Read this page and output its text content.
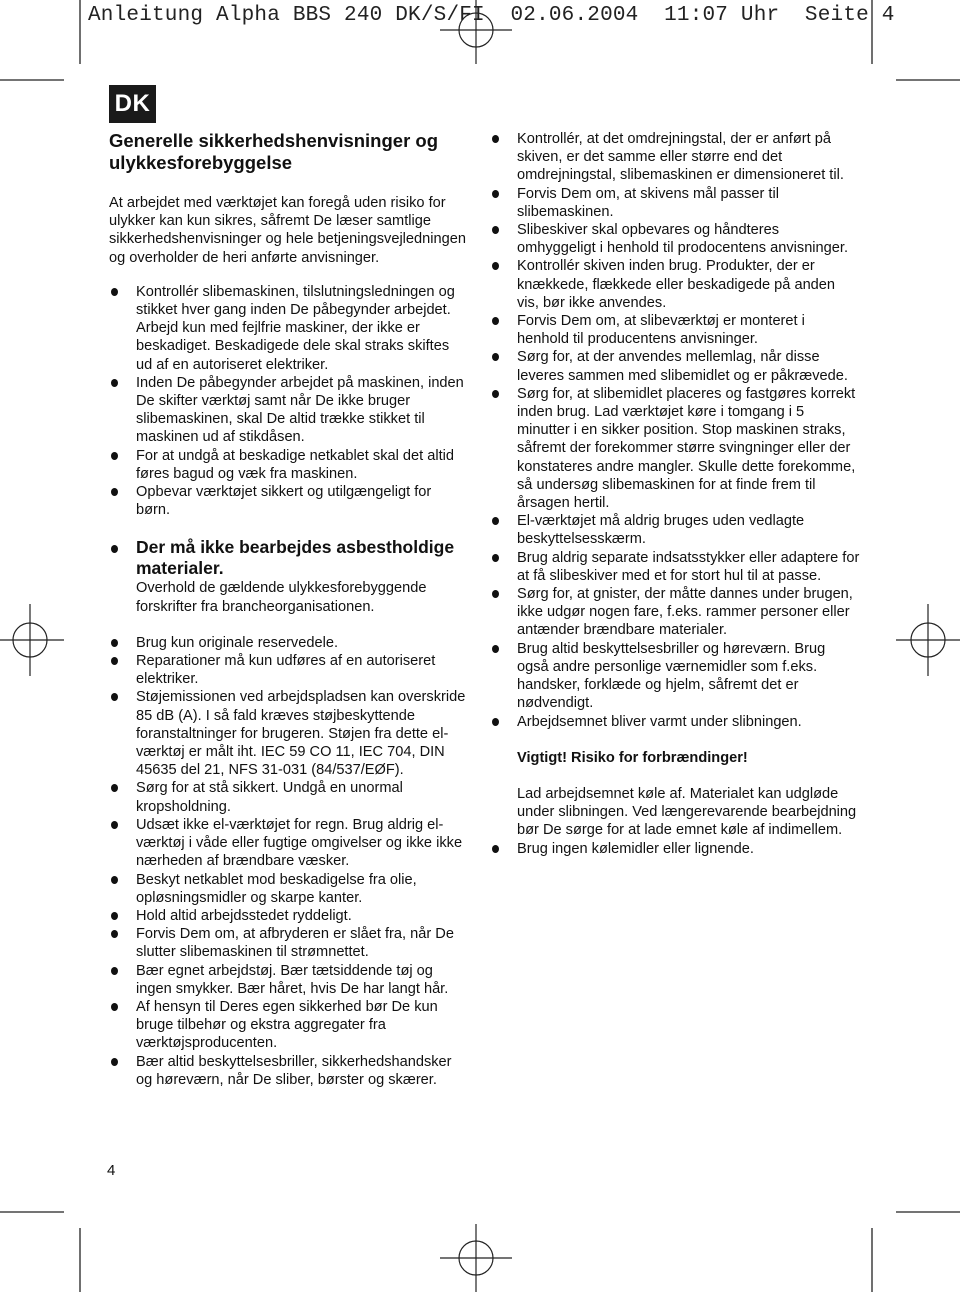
Anleitung Alpha BBS 240 DK/S/FI  02.06.2004  11:07 Uhr  Seite 4
DK
Generelle sikkerhedshenvisninger og ulykkesforebyggelse

At arbejdet med værktøjet kan foregå uden risiko for ulykker kan kun sikres, såfremt De læser samtlige sikkerhedshenvisninger og hele betjeningsvejledningen og overholder de heri anførte anvisninger.

Kontrollér slibemaskinen, tilslutningsledningen og stikket hver gang inden De påbegynder arbejdet. Arbejd kun med fejlfrie maskiner, der ikke er beskadiget. Beskadigede dele skal straks skiftes ud af en autoriseret elektriker.
Inden De påbegynder arbejdet på maskinen, inden De skifter værktøj samt når De ikke bruger slibemaskinen, skal De altid trække stikket til maskinen ud af stikdåsen.
For at undgå at beskadige netkablet skal det altid føres bagud og væk fra maskinen.
Opbevar værktøjet sikkert og utilgængeligt for børn.
Der må ikke bearbejdes asbestholdige materialer.
Overhold de gældende ulykkesforebyggende forskrifter fra brancheorganisationen.
Brug kun originale reservedele.
Reparationer må kun udføres af en autoriseret elektriker.
Støjemissionen ved arbejdspladsen kan overskride 85 dB (A). I så fald kræves støjbeskyttende foranstaltninger for brugeren. Støjen fra dette el-værktøj er målt iht. IEC 59 CO 11, IEC 704, DIN 45635 del 21, NFS 31-031 (84/537/EØF).
Sørg for at stå sikkert. Undgå en unormal kropsholdning.
Udsæt ikke el-værktøjet for regn. Brug aldrig el-værktøj i våde eller fugtige omgivelser og ikke ikke nærheden af brændbare væsker.
Beskyt netkablet mod beskadigelse fra olie, opløsningsmidler og skarpe kanter.
Hold altid arbejdsstedet ryddeligt.
Forvis Dem om, at afbryderen er slået fra, når De slutter slibemaskinen til strømnettet.
Bær egnet arbejdstøj. Bær tætsiddende tøj og ingen smykker. Bær håret, hvis De har langt hår.
Af hensyn til Deres egen sikkerhed bør De kun bruge tilbehør og ekstra aggregater fra værktøjsproducenten.
Bær altid beskyttelsesbriller, sikkerhedshandsker og høreværn, når De sliber, børster og skærer.
Kontrollér, at det omdrejningstal, der er anført på skiven, er det samme eller større end det omdrejningstal, slibemaskinen er dimensioneret til.
Forvis Dem om, at skivens mål passer til slibemaskinen.
Slibeskiver skal opbevares og håndteres omhyggeligt i henhold til prodocentens anvisninger.
Kontrollér skiven inden brug. Produkter, der er knækkede, flækkede eller beskadigede på anden vis, bør ikke anvendes.
Forvis Dem om, at slibeværktøj er monteret i henhold til producentens anvisninger.
Sørg for, at der anvendes mellemlag, når disse leveres sammen med slibemidlet og er påkrævede.
Sørg for, at slibemidlet placeres og fastgøres korrekt inden brug. Lad værktøjet køre i tomgang i 5 minutter i en sikker position. Stop maskinen straks, såfremt der forekommer større svingninger eller der konstateres andre mangler. Skulle dette forekomme, så undersøg slibemaskinen for at finde frem til årsagen hertil.
El-værktøjet må aldrig bruges uden vedlagte beskyttelsesskærm.
Brug aldrig separate indsatsstykker eller adaptere for at få slibeskiver med et for stort hul til at passe.
Sørg for, at gnister, der måtte dannes under brugen, ikke udgør nogen fare, f.eks. rammer personer eller antænder brændbare materialer.
Brug altid beskyttelsesbriller og høreværn. Brug også andre personlige værnemidler som f.eks. handsker, forklæde og hjelm, såfremt det er nødvendigt.
Arbejdsemnet bliver varmt under slibningen.
Vigtigt! Risiko for forbrændinger!
Lad arbejdsemnet køle af. Materialet kan udgløde under slibningen. Ved længerevarende bearbejdning bør De sørge for at lade emnet køle af indimellem.
Brug ingen kølemidler eller lignende.
4
